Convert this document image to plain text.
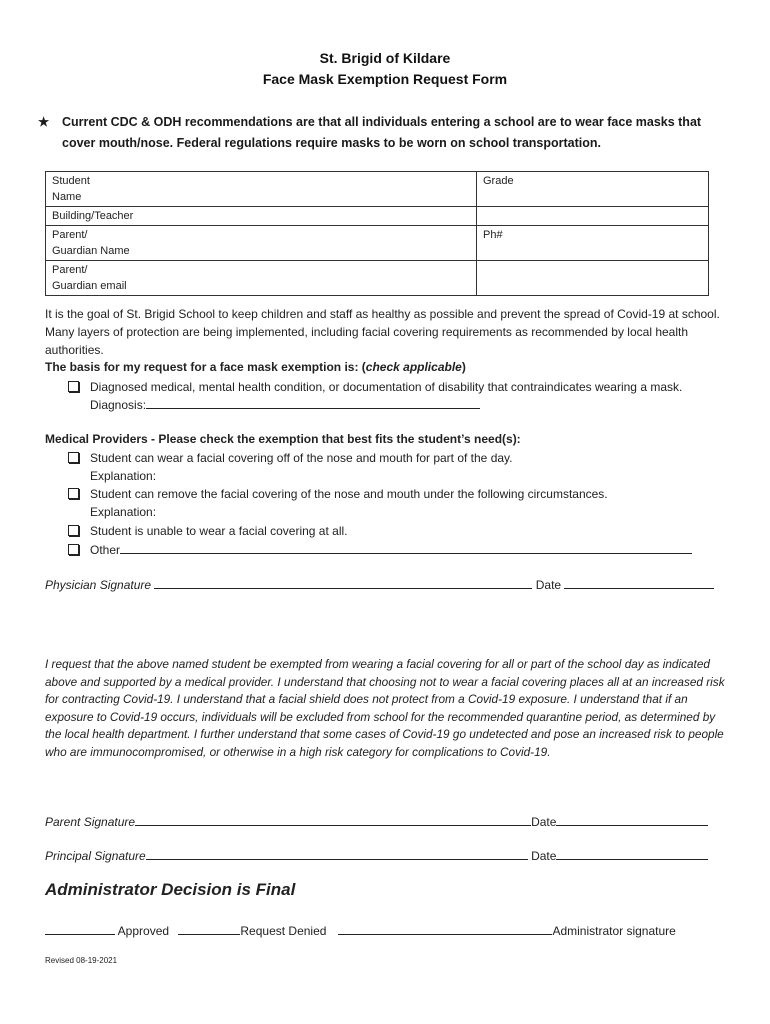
St. Brigid of Kildare
Face Mask Exemption Request Form
★ Current CDC & ODH recommendations are that all individuals entering a school are to wear face masks that cover mouth/nose. Federal regulations require masks to be worn on school transportation.
Student
Name	Grade
Building/Teacher	
Parent/
Guardian Name	Ph#
Parent/
Guardian email	
It is the goal of St. Brigid School to keep children and staff as healthy as possible and prevent the spread of Covid-19 at school. Many layers of protection are being implemented, including facial covering requirements as recommended by local health authorities.
The basis for my request for a face mask exemption is: (check applicable)
Diagnosed medical, mental health condition, or documentation of disability that contraindicates wearing a mask. Diagnosis:
Medical Providers - Please check the exemption that best fits the student’s need(s):
Student can wear a facial covering off of the nose and mouth for part of the day.
Explanation:
Student can remove the facial covering of the nose and mouth under the following circumstances.
Explanation:
Student is unable to wear a facial covering at all.
Other
Physician Signature	Date
I request that the above named student be exempted from wearing a facial covering for all or part of the school day as indicated above and supported by a medical provider. I understand that choosing not to wear a facial covering places all at an increased risk for contracting Covid-19. I understand that a facial shield does not protect from a Covid-19 exposure. I understand that if an exposure to Covid-19 occurs, individuals will be excluded from school for the recommended quarantine period, as determined by the local health department. I further understand that some cases of Covid-19 go undetected and pose an increased risk to people who are immunocompromised, or otherwise in a high risk category for complications to Covid-19.
Parent Signature	Date
Principal Signature	Date
Administrator Decision is Final
Approved	Request Denied	Administrator signature
Revised 08-19-2021
